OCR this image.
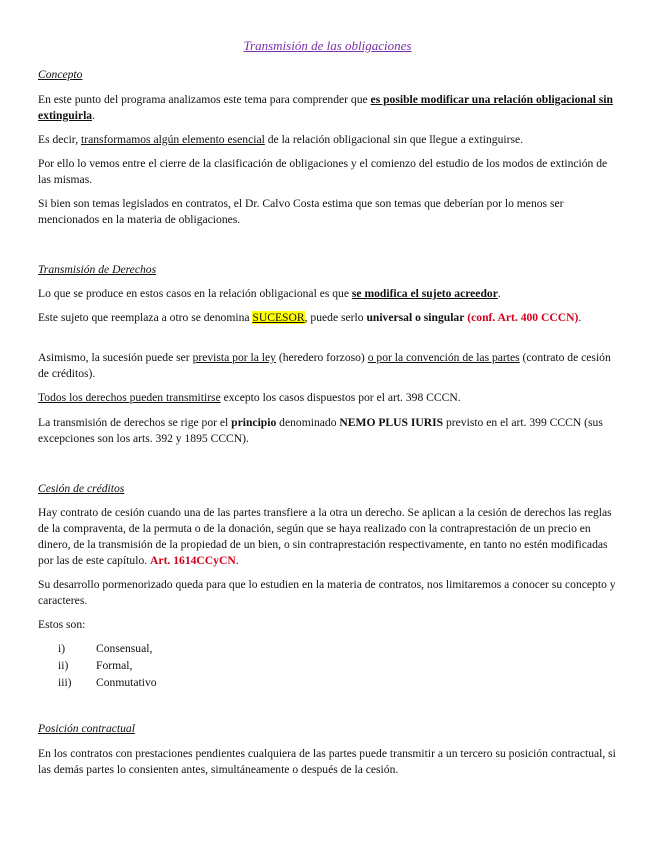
Transmisión de las obligaciones
Concepto

En este punto del programa analizamos este tema para comprender que es posible modificar una relación obligacional sin extinguirla.

Es decir, transformamos algún elemento esencial de la relación obligacional sin que llegue a extinguirse.

Por ello lo vemos entre el cierre de la clasificación de obligaciones y el comienzo del estudio de los modos de extinción de las mismas.

Si bien son temas legislados en contratos, el Dr. Calvo Costa estima que son temas que deberían por lo menos ser mencionados en la materia de obligaciones.

Transmisión de Derechos

Lo que se produce en estos casos en la relación obligacional es que se modifica el sujeto acreedor.

Este sujeto que reemplaza a otro se denomina SUCESOR, puede serlo universal o singular (conf. Art. 400 CCCN).

Asimismo, la sucesión puede ser prevista por la ley (heredero forzoso) o por la convención de las partes (contrato de cesión de créditos).

Todos los derechos pueden transmitirse excepto los casos dispuestos por el art. 398 CCCN.

La transmisión de derechos se rige por el principio denominado NEMO PLUS IURIS previsto en el art. 399 CCCN (sus excepciones son los arts. 392 y 1895 CCCN).

Cesión de créditos

Hay contrato de cesión cuando una de las partes transfiere a la otra un derecho. Se aplican a la cesión de derechos las reglas de la compraventa, de la permuta o de la donación, según que se haya realizado con la contraprestación de un precio en dinero, de la transmisión de la propiedad de un bien, o sin contraprestación respectivamente, en tanto no estén modificadas por las de este capítulo. Art. 1614CCyCN.

Su desarrollo pormenorizado queda para que lo estudien en la materia de contratos, nos limitaremos a conocer su concepto y caracteres.

Estos son:

i)	Consensual,
ii)	Formal,
iii)	Conmutativo
Posición contractual

En los contratos con prestaciones pendientes cualquiera de las partes puede transmitir a un tercero su posición contractual, si las demás partes lo consienten antes, simultáneamente o después de la cesión.
